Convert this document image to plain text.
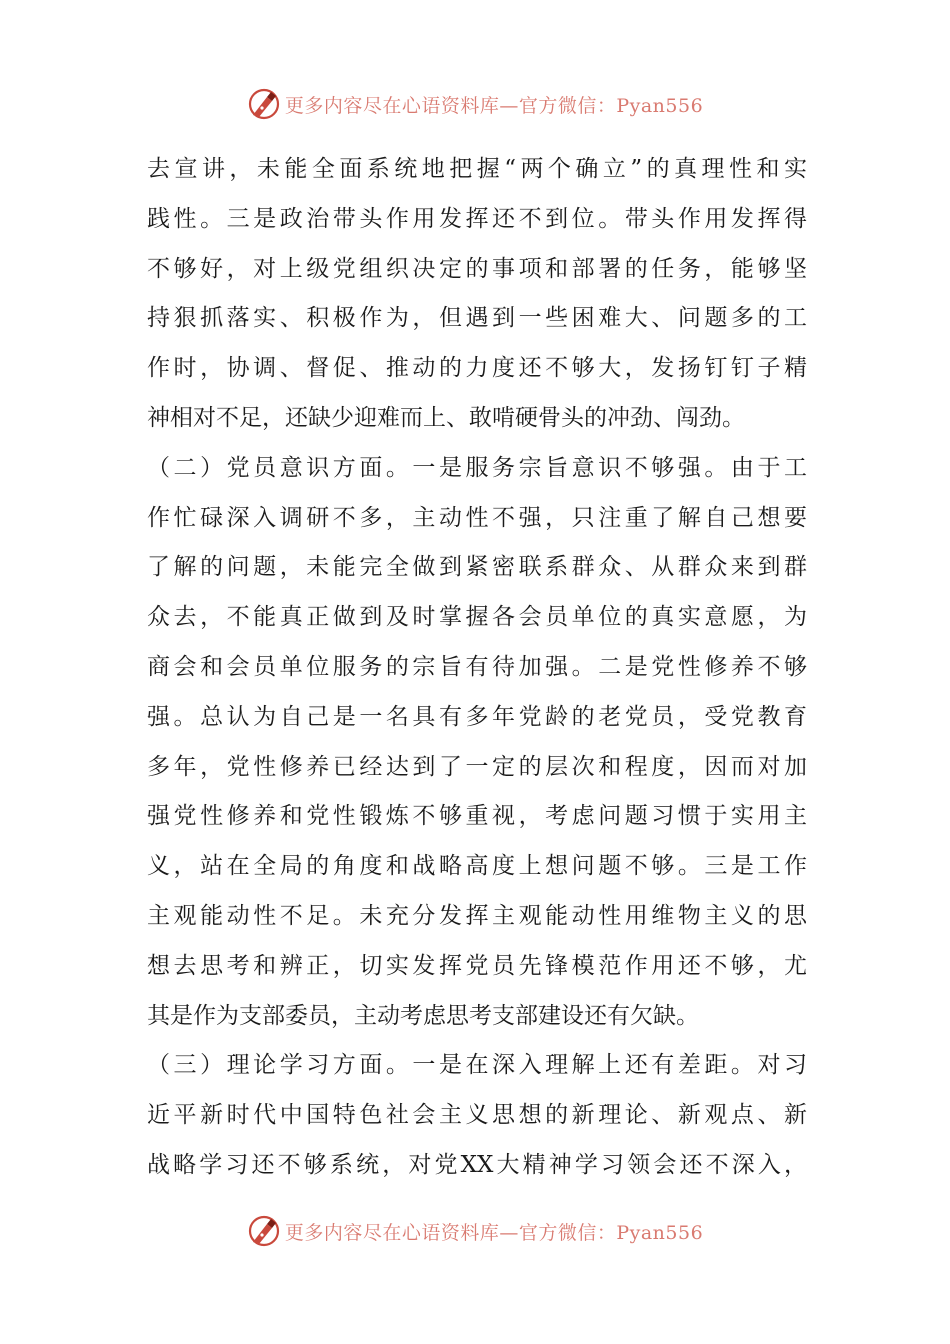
更多内容尽在心语资料库—官方微信：Pyan556
去宣讲，未能全面系统地把握“两个确立”的真理性和实
践性。三是政治带头作用发挥还不到位。带头作用发挥得
不够好，对上级党组织决定的事项和部署的任务，能够坚
持狠抓落实、积极作为，但遇到一些困难大、问题多的工
作时，协调、督促、推动的力度还不够大，发扬钉钉子精
神相对不足，还缺少迎难而上、敢啃硬骨头的冲劲、闯劲。
（二）党员意识方面。一是服务宗旨意识不够强。由于工
作忙碌深入调研不多，主动性不强，只注重了解自己想要
了解的问题，未能完全做到紧密联系群众、从群众来到群
众去，不能真正做到及时掌握各会员单位的真实意愿，为
商会和会员单位服务的宗旨有待加强。二是党性修养不够
强。总认为自己是一名具有多年党龄的老党员，受党教育
多年，党性修养已经达到了一定的层次和程度，因而对加
强党性修养和党性锻炼不够重视，考虑问题习惯于实用主
义，站在全局的角度和战略高度上想问题不够。三是工作
主观能动性不足。未充分发挥主观能动性用维物主义的思
想去思考和辨正，切实发挥党员先锋模范作用还不够，尤
其是作为支部委员，主动考虑思考支部建设还有欠缺。
（三）理论学习方面。一是在深入理解上还有差距。对习
近平新时代中国特色社会主义思想的新理论、新观点、新
战略学习还不够系统，对党XX大精神学习领会还不深入，
更多内容尽在心语资料库—官方微信：Pyan556
